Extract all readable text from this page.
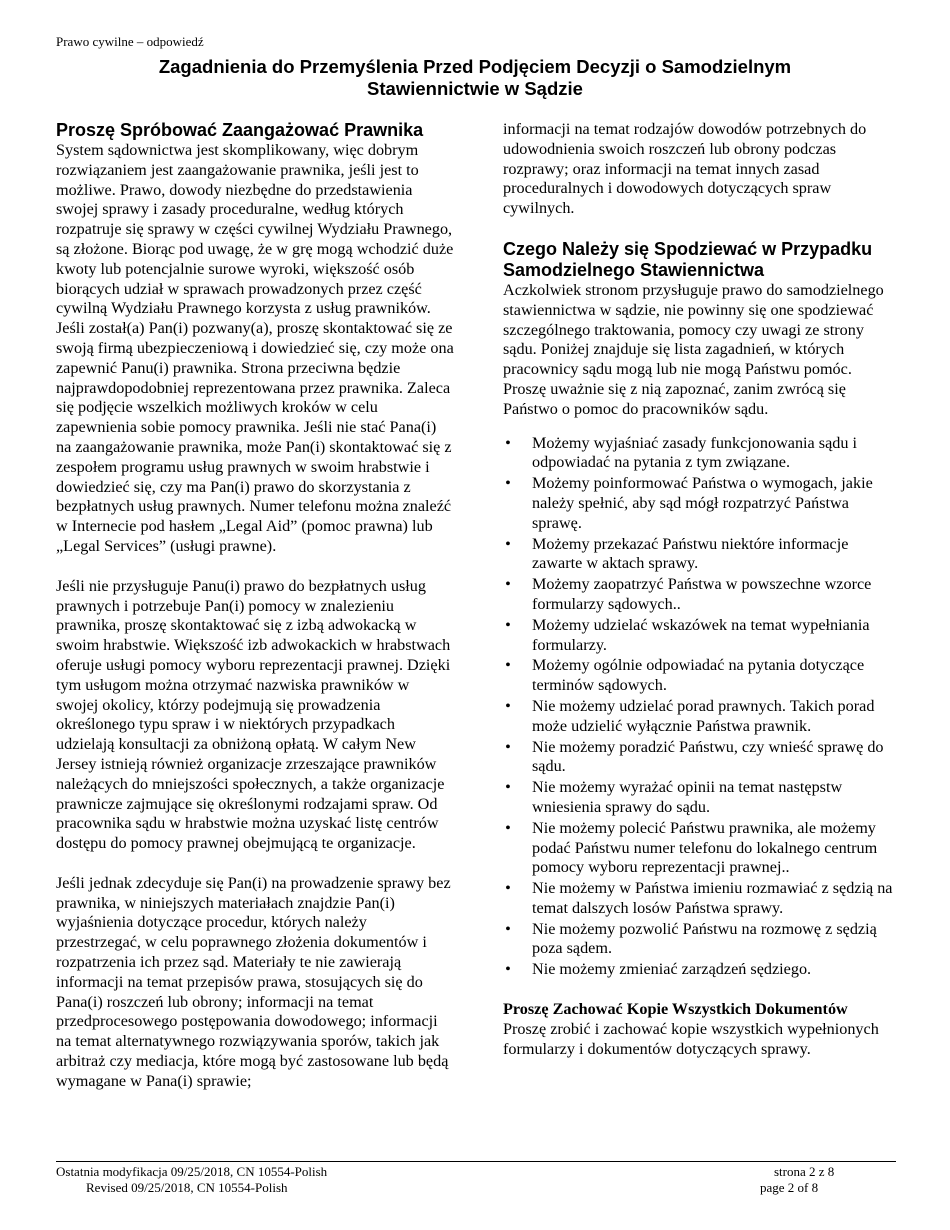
Prawo cywilne – odpowiedź
Zagadnienia do Przemyślenia Przed Podjęciem Decyzji o Samodzielnym
Stawiennictwie w Sądzie
Proszę Spróbować Zaangażować Prawnika

System sądownictwa jest skomplikowany, więc dobrym rozwiązaniem jest zaangażowanie prawnika, jeśli jest to możliwe. Prawo, dowody niezbędne do przedstawienia swojej sprawy i zasady proceduralne, według których rozpatruje się sprawy w części cywilnej Wydziału Prawnego, są złożone. Biorąc pod uwagę, że w grę mogą wchodzić duże kwoty lub potencjalnie surowe wyroki, większość osób biorących udział w sprawach prowadzonych przez część cywilną Wydziału Prawnego korzysta z usług prawników. Jeśli został(a) Pan(i) pozwany(a), proszę skontaktować się ze swoją firmą ubezpieczeniową i dowiedzieć się, czy może ona zapewnić Panu(i) prawnika. Strona przeciwna będzie najprawdopodobniej reprezentowana przez prawnika. Zaleca się podjęcie wszelkich możliwych kroków w celu zapewnienia sobie pomocy prawnika. Jeśli nie stać Pana(i) na zaangażowanie prawnika, może Pan(i) skontaktować się z zespołem programu usług prawnych w swoim hrabstwie i dowiedzieć się, czy ma Pan(i) prawo do skorzystania z bezpłatnych usług prawnych. Numer telefonu można znaleźć w Internecie pod hasłem „Legal Aid” (pomoc prawna) lub „Legal Services” (usługi prawne).

Jeśli nie przysługuje Panu(i) prawo do bezpłatnych usług prawnych i potrzebuje Pan(i) pomocy w znalezieniu prawnika, proszę skontaktować się z izbą adwokacką w swoim hrabstwie. Większość izb adwokackich w hrabstwach oferuje usługi pomocy wyboru reprezentacji prawnej. Dzięki tym usługom można otrzymać nazwiska prawników w swojej okolicy, którzy podejmują się prowadzenia określonego typu spraw i w niektórych przypadkach udzielają konsultacji za obniżoną opłatą. W całym New Jersey istnieją również organizacje zrzeszające prawników należących do mniejszości społecznych, a także organizacje prawnicze zajmujące się określonymi rodzajami spraw. Od pracownika sądu w hrabstwie można uzyskać listę centrów dostępu do pomocy prawnej obejmującą te organizacje.

Jeśli jednak zdecyduje się Pan(i) na prowadzenie sprawy bez prawnika, w niniejszych materiałach znajdzie Pan(i) wyjaśnienia dotyczące procedur, których należy przestrzegać, w celu poprawnego złożenia dokumentów i rozpatrzenia ich przez sąd. Materiały te nie zawierają informacji na temat przepisów prawa, stosujących się do Pana(i) roszczeń lub obrony; informacji na temat przedprocesowego postępowania dowodowego; informacji na temat alternatywnego rozwiązywania sporów, takich jak arbitraż czy mediacja, które mogą być zastosowane lub będą wymagane w Pana(i) sprawie;

informacji na temat rodzajów dowodów potrzebnych do udowodnienia swoich roszczeń lub obrony podczas rozprawy; oraz informacji na temat innych zasad proceduralnych i dowodowych dotyczących spraw cywilnych.

Czego Należy się Spodziewać w Przypadku Samodzielnego Stawiennictwa

Aczkolwiek stronom przysługuje prawo do samodzielnego stawiennictwa w sądzie, nie powinny się one spodziewać szczególnego traktowania, pomocy czy uwagi ze strony sądu. Poniżej znajduje się lista zagadnień, w których pracownicy sądu mogą lub nie mogą Państwu pomóc. Proszę uważnie się z nią zapoznać, zanim zwrócą się Państwo o pomoc do pracowników sądu.

• Możemy wyjaśniać zasady funkcjonowania sądu i odpowiadać na pytania z tym związane.
• Możemy poinformować Państwa o wymogach, jakie należy spełnić, aby sąd mógł rozpatrzyć Państwa sprawę.
• Możemy przekazać Państwu niektóre informacje zawarte w aktach sprawy.
• Możemy zaopatrzyć Państwa w powszechne wzorce formularzy sądowych..
• Możemy udzielać wskazówek na temat wypełniania formularzy.
• Możemy ogólnie odpowiadać na pytania dotyczące terminów sądowych.
• Nie możemy udzielać porad prawnych. Takich porad może udzielić wyłącznie Państwa prawnik.
• Nie możemy poradzić Państwu, czy wnieść sprawę do sądu.
• Nie możemy wyrażać opinii na temat następstw wniesienia sprawy do sądu.
• Nie możemy polecić Państwu prawnika, ale możemy podać Państwu numer telefonu do lokalnego centrum pomocy wyboru reprezentacji prawnej..
• Nie możemy w Państwa imieniu rozmawiać z sędzią na temat dalszych losów Państwa sprawy.
• Nie możemy pozwolić Państwu na rozmowę z sędzią poza sądem.
• Nie możemy zmieniać zarządzeń sędziego.
Proszę Zachować Kopie Wszystkich Dokumentów

Proszę zrobić i zachować kopie wszystkich wypełnionych formularzy i dokumentów dotyczących sprawy.

Ostatnia modyfikacja 09/25/2018, CN 10554-Polish
Revised 09/25/2018, CN 10554-Polish
strona 2 z 8
page 2 of 8
